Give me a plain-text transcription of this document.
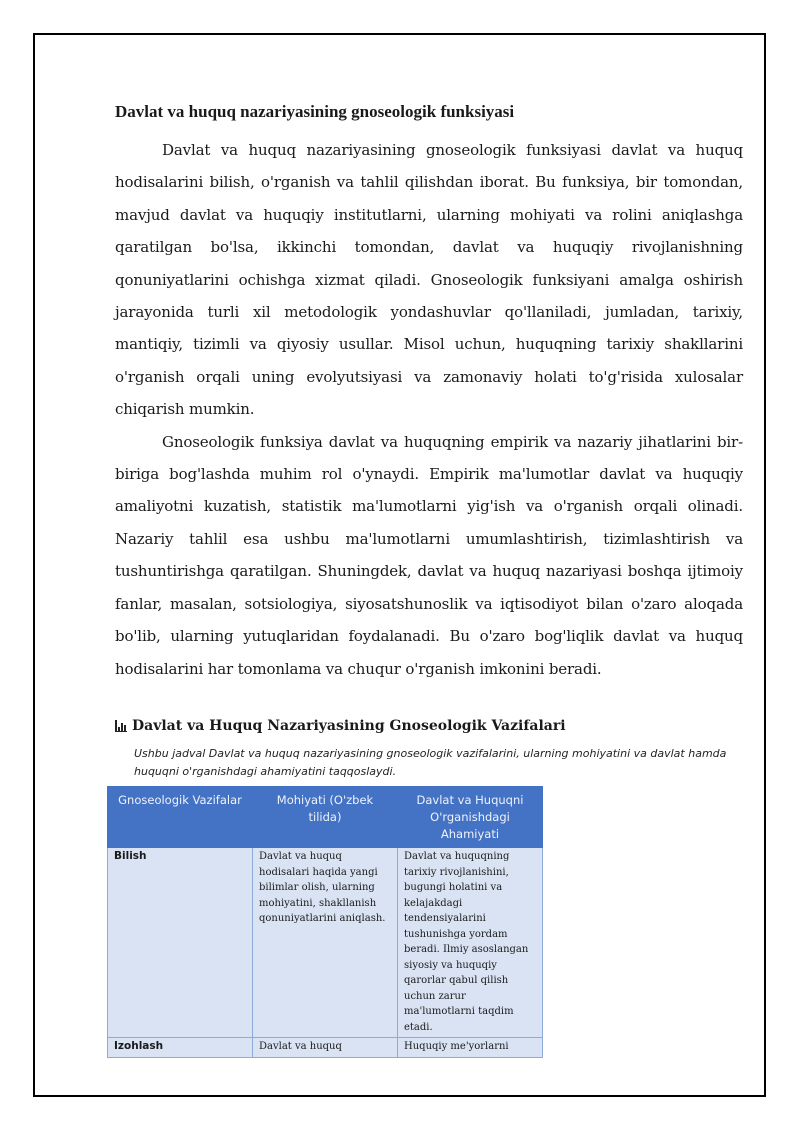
Davlat va huquq nazariyasining gnoseologik funksiyasi

Davlat va huquq nazariyasining gnoseologik funksiyasi davlat va huquq hodisalarini bilish, o'rganish va tahlil qilishdan iborat. Bu funksiya, bir tomondan, mavjud davlat va huquqiy institutlarni, ularning mohiyati va rolini aniqlashga qaratilgan bo'lsa, ikkinchi tomondan, davlat va huquqiy rivojlanishning qonuniyatlarini ochishga xizmat qiladi. Gnoseologik funksiyani amalga oshirish jarayonida turli xil metodologik yondashuvlar qo'llaniladi, jumladan, tarixiy, mantiqiy, tizimli va qiyosiy usullar. Misol uchun, huquqning tarixiy shakllarini o'rganish orqali uning evolyutsiyasi va zamonaviy holati to'g'risida xulosalar chiqarish mumkin.

Gnoseologik funksiya davlat va huquqning empirik va nazariy jihatlarini bir-biriga bog'lashda muhim rol o'ynaydi. Empirik ma'lumotlar davlat va huquqiy amaliyotni kuzatish, statistik ma'lumotlarni yig'ish va o'rganish orqali olinadi. Nazariy tahlil esa ushbu ma'lumotlarni umumlashtirish, tizimlashtirish va tushuntirishga qaratilgan. Shuningdek, davlat va huquq nazariyasi boshqa ijtimoiy fanlar, masalan, sotsiologiya, siyosatshunoslik va iqtisodiyot bilan o'zaro aloqada bo'lib, ularning yutuqlaridan foydalanadi. Bu o'zaro bog'liqlik davlat va huquq hodisalarini har tomonlama va chuqur o'rganish imkonini beradi.

Davlat va Huquq Nazariyasining Gnoseologik Vazifalari
Ushbu jadval Davlat va huquq nazariyasining gnoseologik vazifalarini, ularning mohiyatini va davlat hamda huquqni o'rganishdagi ahamiyatini taqqoslaydi.
Gnoseologik Vazifalar	Mohiyati (O'zbek tilida)	Davlat va Huquqni O'rganishdagi Ahamiyati
Bilish	Davlat va huquq hodisalari haqida yangi bilimlar olish, ularning mohiyatini, shakllanish qonuniyatlarini aniqlash.	Davlat va huquqning tarixiy rivojlanishini, bugungi holatini va kelajakdagi tendensiyalarini tushunishga yordam beradi. Ilmiy asoslangan siyosiy va huquqiy qarorlar qabul qilish uchun zarur ma'lumotlarni taqdim etadi.
Izohlash	Davlat va huquq	Huquqiy me'yorlarni
